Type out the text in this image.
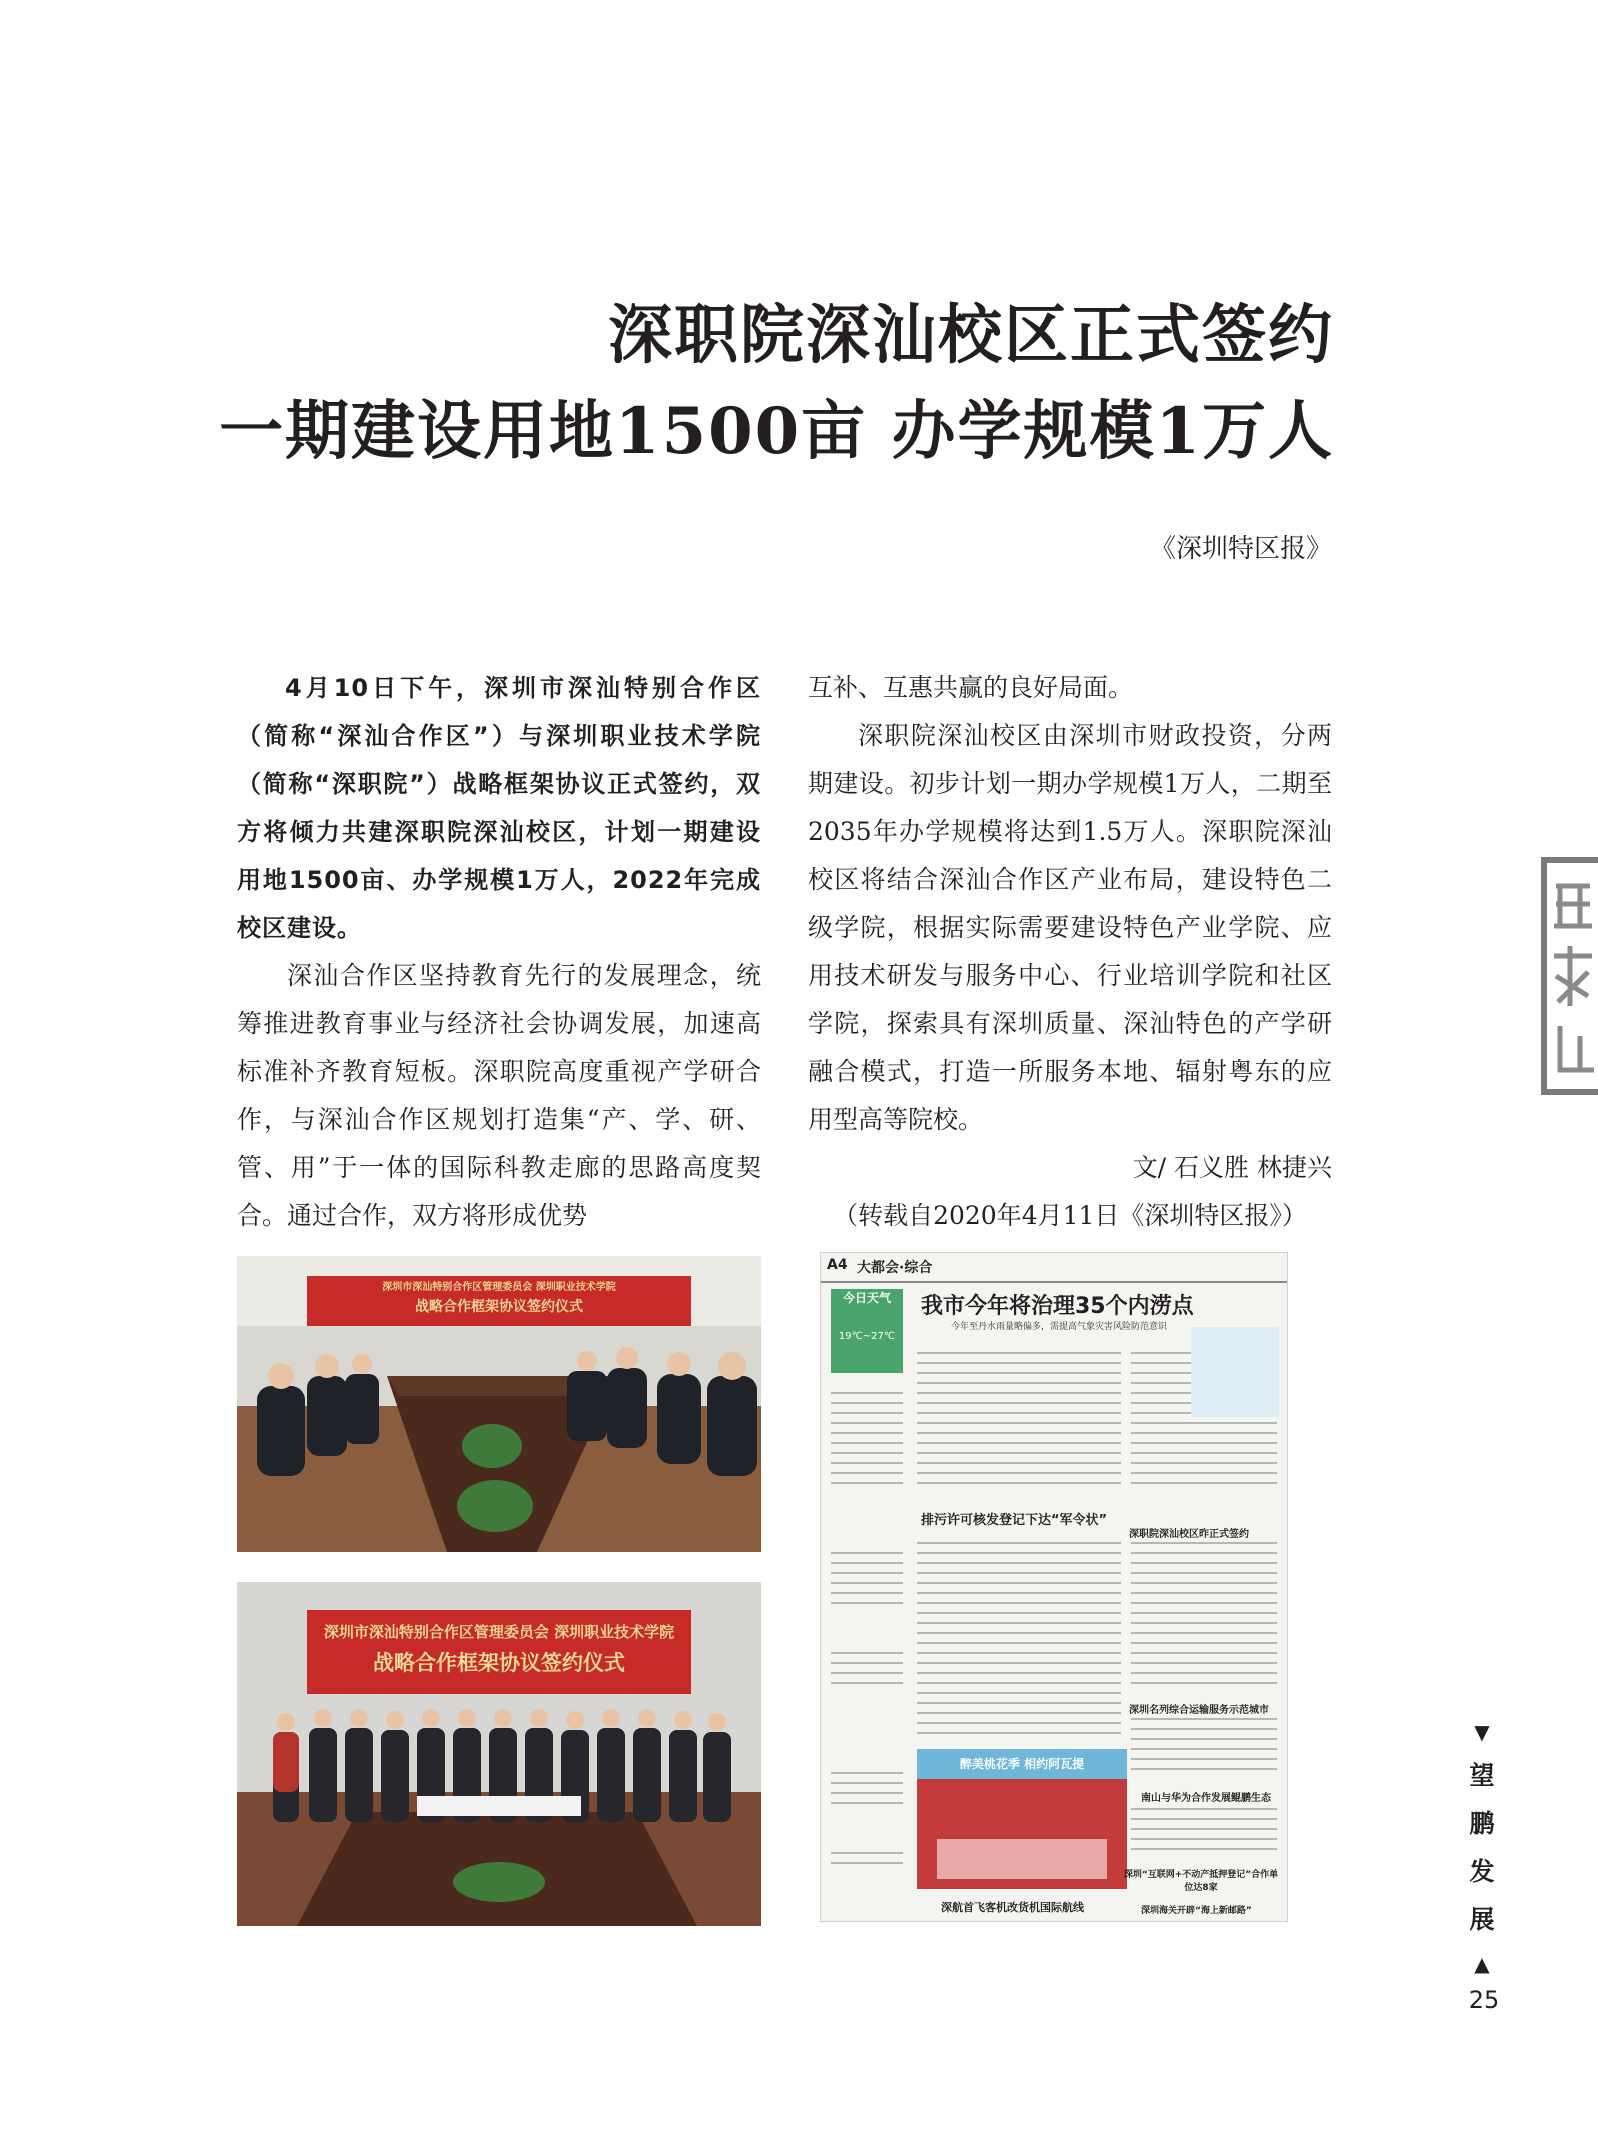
深职院深汕校区正式签约
一期建设用地1500亩 办学规模1万人
《深圳特区报》

4月10日下午，深圳市深汕特别合作区（简称“深汕合作区”）与深圳职业技术学院（简称“深职院”）战略框架协议正式签约，双方将倾力共建深职院深汕校区，计划一期建设用地1500亩、办学规模1万人，2022年完成校区建设。

深汕合作区坚持教育先行的发展理念，统筹推进教育事业与经济社会协调发展，加速高标准补齐教育短板。深职院高度重视产学研合作，与深汕合作区规划打造集“产、学、研、管、用”于一体的国际科教走廊的思路高度契合。通过合作，双方将形成优势

互补、互惠共赢的良好局面。

深职院深汕校区由深圳市财政投资，分两期建设。初步计划一期办学规模1万人，二期至2035年办学规模将达到1.5万人。深职院深汕校区将结合深汕合作区产业布局，建设特色二级学院，根据实际需要建设特色产业学院、应用技术研发与服务中心、行业培训学院和社区学院，探索具有深圳质量、深汕特色的产学研融合模式，打造一所服务本地、辐射粤东的应用型高等院校。

文/ 石义胜 林捷兴

（转载自2020年4月11日《深圳特区报》）

深圳市深汕特别合作区管理委员会 深圳职业技术学院
战略合作框架协议签约仪式
深圳市深汕特别合作区管理委员会 深圳职业技术学院
战略合作框架协议签约仪式
A4 大都会·综合
今日天气
19℃~27℃
我市今年将治理35个内涝点
今年至丹水雨量略偏多，需提高气象灾害风险防范意识
排污许可核发登记下达“军令状”
深职院深汕校区昨正式签约
深圳名列综合运输服务示范城市
醉美桃花季 相约阿瓦提
南山与华为合作发展鲲鹏生态
深圳“互联网+不动产抵押登记”合作单位达8家
深航首飞客机改货机国际航线	深圳海关开辟“海上新邮路”
▼
望
鹏
发
展
▲
25
